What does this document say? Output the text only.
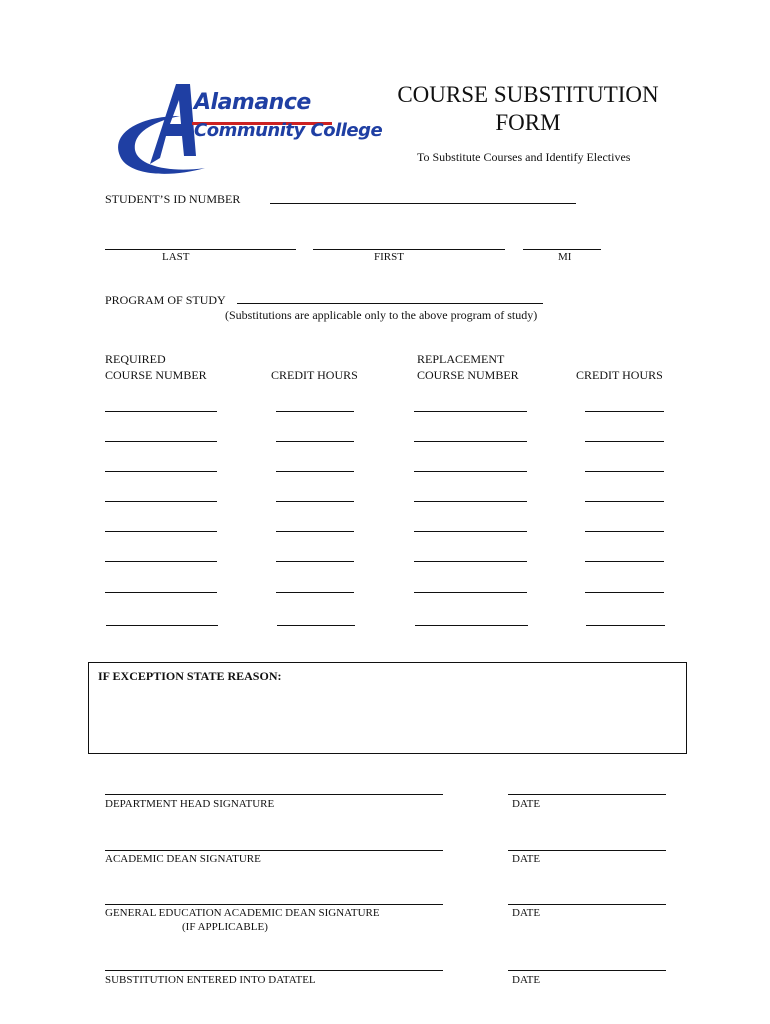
Alamance
Community College
COURSE SUBSTITUTION
FORM
To Substitute Courses and Identify Electives
STUDENT’S ID NUMBER
LAST	FIRST	MI
PROGRAM OF STUDY
(Substitutions are applicable only to the above program of study)
REQUIRED
COURSE NUMBER	CREDIT HOURS
REPLACEMENT
COURSE NUMBER	CREDIT HOURS
IF EXCEPTION STATE REASON:
DEPARTMENT HEAD SIGNATURE	DATE
ACADEMIC DEAN SIGNATURE	DATE
GENERAL EDUCATION ACADEMIC DEAN SIGNATURE
(IF APPLICABLE)
DATE
SUBSTITUTION ENTERED INTO DATATEL	DATE
